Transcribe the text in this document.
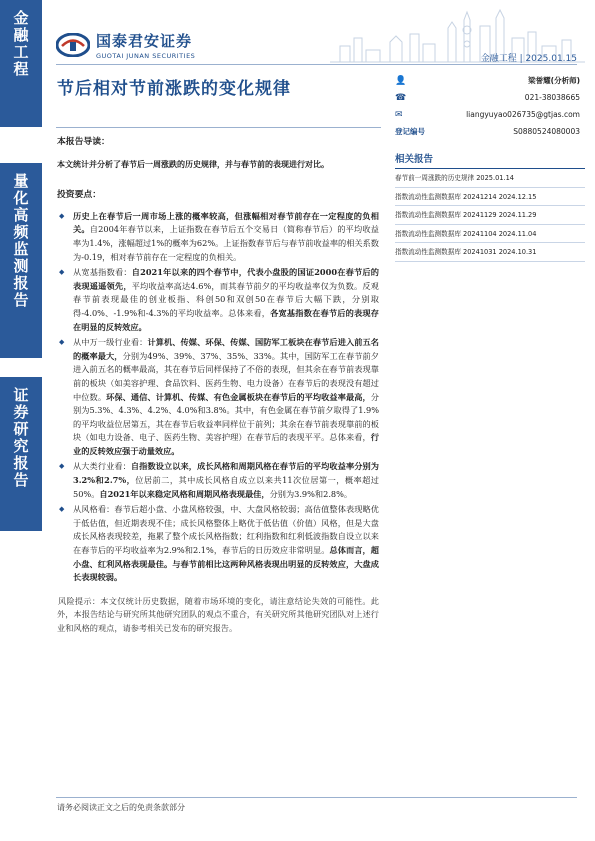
金融工程
量化高频监测报告
证券研究报告
国泰君安证券
GUOTAI JUNAN SECURITIES	金融工程 | 2025.01.15
节后相对节前涨跌的变化规律	👤	梁誉耀(分析师)
☎	021-38038665
✉	liangyuyao026735@gtjas.com
登记编号	S0880524080003
本报告导读：
本文统计并分析了春节后一周涨跌的历史规律，并与春节前的表现进行对比。
投资要点：
◆ 历史上在春节后一周市场上涨的概率较高，但涨幅相对春节前存在一定程度的负相关。自2004年春节以来，上证指数在春节后五个交易日（简称春节后）的平均收益率为1.4%，涨幅超过1%的概率为62%。上证指数春节后与春节前收益率的相关系数为-0.19，相对春节前存在一定程度的负相关。
◆ 从宽基指数看：自2021年以来的四个春节中，代表小盘股的国证2000在春节后的表现遥遥领先，平均收益率高达4.6%，而其春节前夕的平均收益率仅为负数。反观春节前表现最佳的创业板指、科创50和双创50在春节后大幅下跌，分别取得-4.0%、-1.9%和-4.3%的平均收益率。总体来看，各宽基指数在春节后的表现存在明显的反转效应。
◆ 从中万一级行业看：计算机、传媒、环保、传媒、国防军工板块在春节后进入前五名的概率最大，分别为49%、39%、37%、35%、33%。其中，国防军工在春节前夕进入前五名的概率最高，其在春节后同样保持了不俗的表现，但其余在春节前表现靠前的板块（如美容护理、食品饮料、医药生物、电力设备）在春节后的表现没有超过中位数。环保、通信、计算机、传媒、有色金属板块在春节后的平均收益率最高，分别为5.3%、4.3%、4.2%、4.0%和3.8%。其中，有色金属在春节前夕取得了1.9%的平均收益位居第五，其在春节后收益率同样位于前列；其余在春节前表现靠前的板块（如电力设备、电子、医药生物、美容护理）在春节后的表现平平。总体来看，行业的反转效应强于动量效应。
◆ 从大类行业看：自指数设立以来，成长风格和周期风格在春节后的平均收益率分别为3.2%和2.7%，位居前二，其中成长风格自成立以来共11次位居第一，概率超过50%。自2021年以来稳定风格和周期风格表现最佳，分别为3.9%和2.8%。
◆ 从风格看：春节后超小盘、小盘风格较强，中、大盘风格较弱；高估值整体表现略优于低估值，但近期表现不佳；成长风格整体上略优于低估值（价值）风格，但是大盘成长风格表现较差，拖累了整个成长风格指数；红利指数和红利低波指数自设立以来在春节后的平均收益率为2.9%和2.1%，春节后的日历效应非常明显。总体而言，超小盘、红利风格表现最佳。与春节前相比这两种风格表现出明显的反转效应，大盘成长表现较弱。
风险提示：本文仅统计历史数据，随着市场环境的变化，请注意结论失效的可能性。此外，本报告结论与研究所其他研究团队的观点不重合，有关研究所其他研究团队对上述行业和风格的观点，请参考相关已发布的研究报告。
相关报告
春节前一周涨跌的历史规律 2025.01.14
指数流动性监测数据库 20241214 2024.12.15
指数流动性监测数据库 20241129 2024.11.29
指数流动性监测数据库 20241104 2024.11.04
指数流动性监测数据库 20241031 2024.10.31
请务必阅读正文之后的免责条款部分
